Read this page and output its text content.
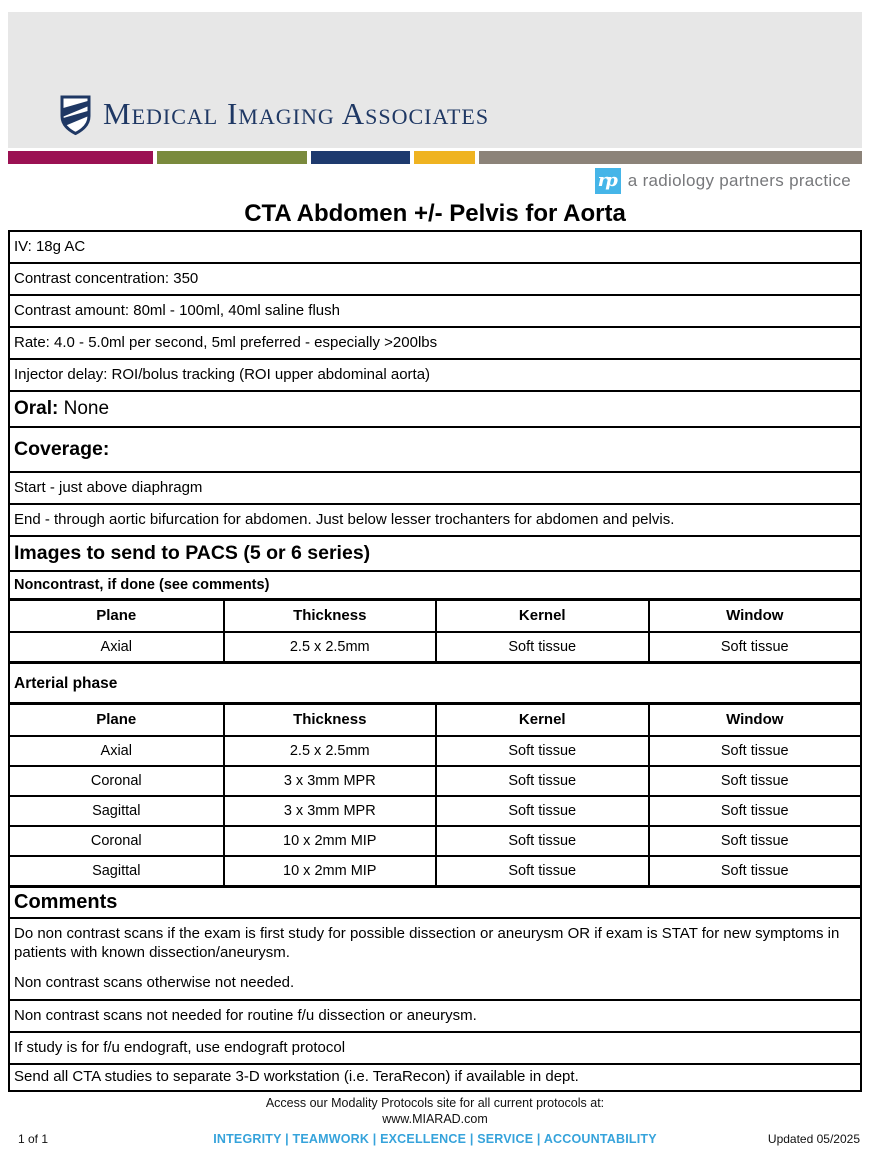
Medical Imaging Associates
rp a radiology partners practice
CTA Abdomen +/- Pelvis for Aorta
IV: 18g AC
Contrast concentration: 350
Contrast amount: 80ml - 100ml, 40ml saline flush
Rate: 4.0 - 5.0ml per second, 5ml preferred - especially >200lbs
Injector delay: ROI/bolus tracking (ROI upper abdominal aorta)
Oral: None
Coverage:
Start - just above diaphragm
End - through aortic bifurcation for abdomen. Just below lesser trochanters for abdomen and pelvis.
Images to send to PACS (5 or 6 series)
Noncontrast, if done (see comments)
Plane	Thickness	Kernel	Window
Axial	2.5 x 2.5mm	Soft tissue	Soft tissue
Arterial phase
Plane	Thickness	Kernel	Window
Axial	2.5 x 2.5mm	Soft tissue	Soft tissue
Coronal	3 x 3mm MPR	Soft tissue	Soft tissue
Sagittal	3 x 3mm MPR	Soft tissue	Soft tissue
Coronal	10 x 2mm MIP	Soft tissue	Soft tissue
Sagittal	10 x 2mm MIP	Soft tissue	Soft tissue
Comments

Do non contrast scans if the exam is first study for possible dissection or aneurysm OR if exam is STAT for new symptoms in patients with known dissection/aneurysm.

Non contrast scans otherwise not needed.

Non contrast scans not needed for routine f/u dissection or aneurysm.
If study is for f/u endograft, use endograft protocol
Send all CTA studies to separate 3-D workstation (i.e. TeraRecon) if available in dept.
Access our Modality Protocols site for all current protocols at:
www.MIARAD.com
1 of 1	INTEGRITY | TEAMWORK | EXCELLENCE | SERVICE | ACCOUNTABILITY	Updated 05/2025
